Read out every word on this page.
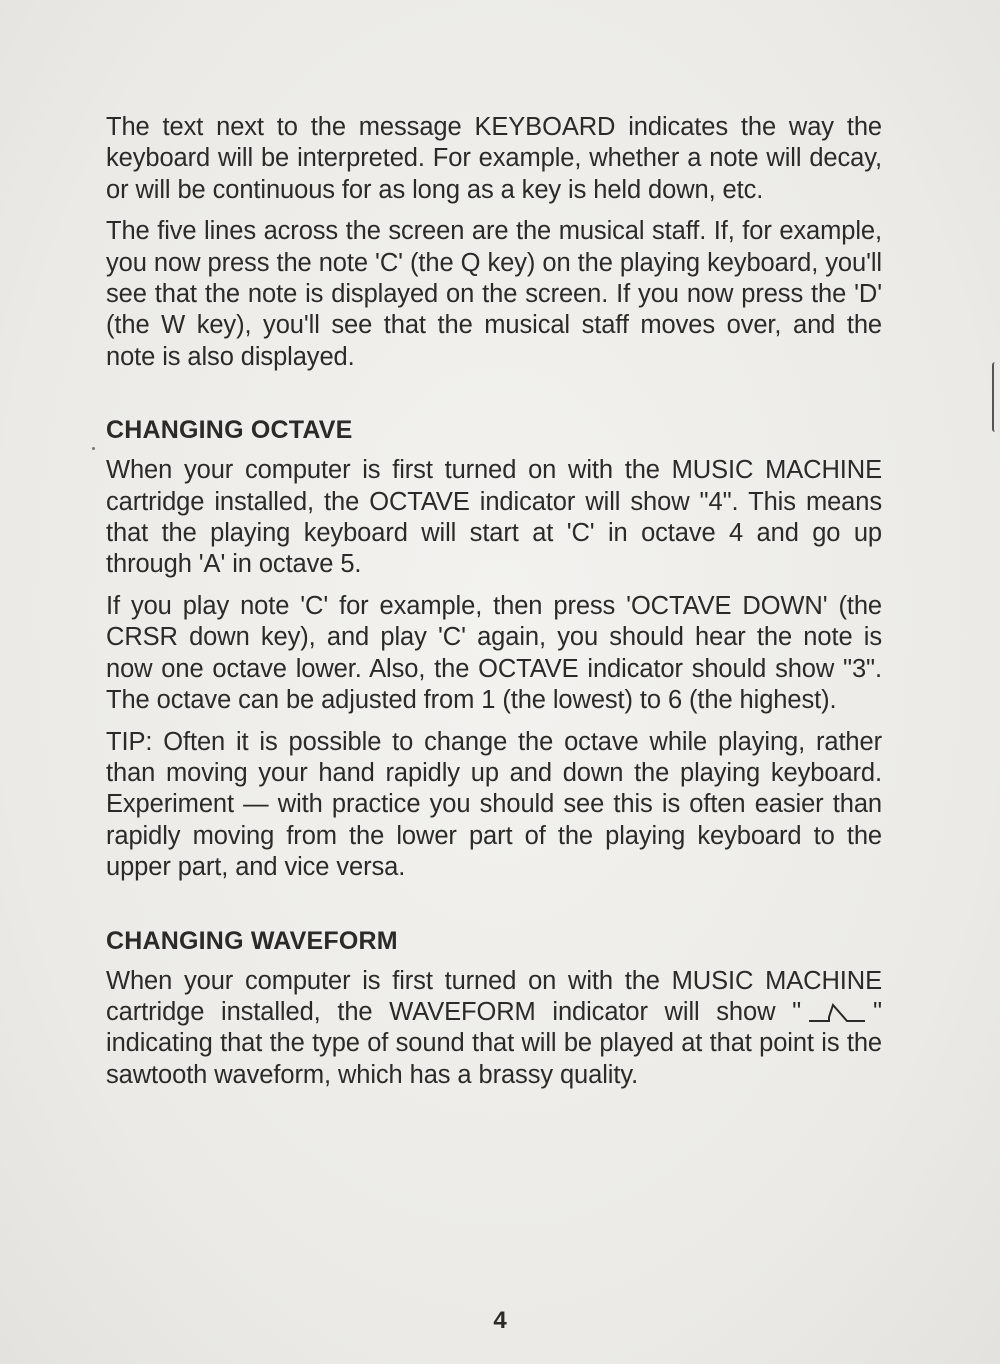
The text next to the message KEYBOARD indicates the way the keyboard will be interpreted. For example, whether a note will decay, or will be continuous for as long as a key is held down, etc.

The five lines across the screen are the musical staff. If, for example, you now press the note 'C' (the Q key) on the playing keyboard, you'll see that the note is displayed on the screen. If you now press the 'D' (the W key), you'll see that the musical staff moves over, and the note is also displayed.

CHANGING OCTAVE

When your computer is first turned on with the MUSIC MACHINE cartridge installed, the OCTAVE indicator will show "4". This means that the playing keyboard will start at 'C' in octave 4 and go up through 'A' in octave 5.

If you play note 'C' for example, then press 'OCTAVE DOWN' (the CRSR down key), and play 'C' again, you should hear the note is now one octave lower. Also, the OCTAVE indicator should show "3". The octave can be adjusted from 1 (the lowest) to 6 (the highest).

TIP: Often it is possible to change the octave while playing, rather than moving your hand rapidly up and down the playing keyboard. Experiment — with practice you should see this is often easier than rapidly moving from the lower part of the playing keyboard to the upper part, and vice versa.

CHANGING WAVEFORM

When your computer is first turned on with the MUSIC MACHINE cartridge installed, the WAVEFORM indicator will show "	" indicating that the type of sound that will be played at that point is the sawtooth waveform, which has a brassy quality.

4
